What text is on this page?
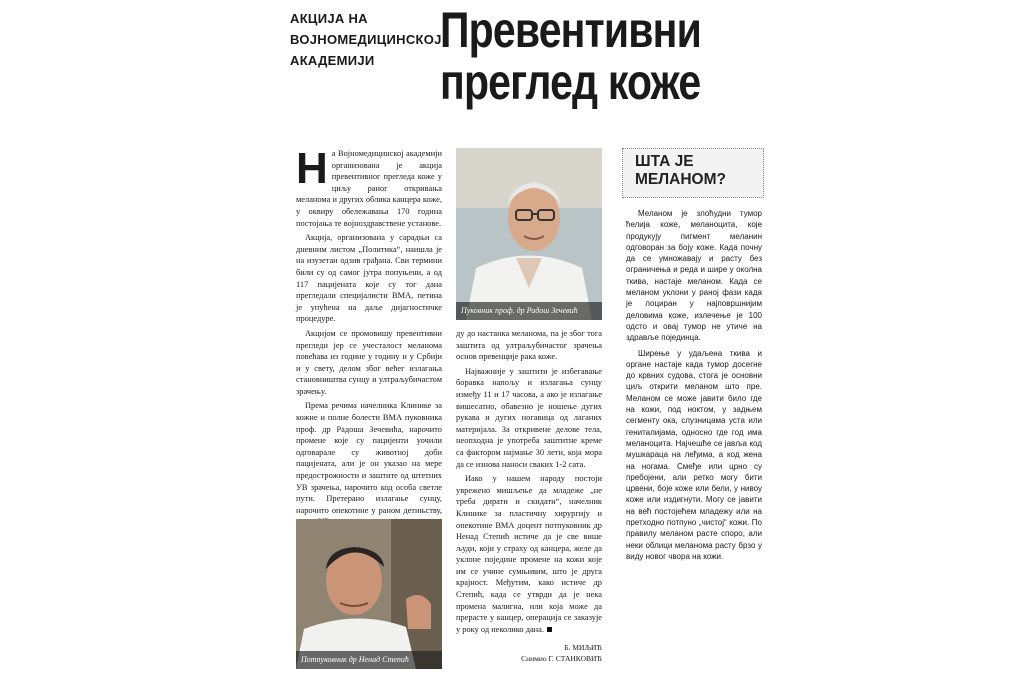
АКЦИЈА НА
ВОЈНОМЕДИЦИНСКОЈ
АКАДЕМИЈИ
Превентивни
преглед коже

На Војномедицинској академији организована је акција превентивног прегледа коже у циљу раног откривања меланома и других облика канцера коже, у оквиру обележавања 170 година постојања те војноздравствене установе.

Акција, организована у сарадњи са дневним листом „Политика“, наишла је на изузетан одзив грађана. Сви термини били су од самог јутра попуњени, а од 117 пацијената које су тог дана прегледали специјалисти ВМА, петина је упућена на даље дијагностичке процедуре.

Акцијом се промовишу превентивни прегледи јер се учесталост меланома повећава из године у годину и у Србији и у свету, делом због већег излагања становништва сунцу и ултраљубичастом зрачењу.

Према речима начелника Клинике за кожне и полне болести ВМА пуковника проф. др Радоша Зечевића, нарочито промене које су пацијенти уочили одговарале су животној доби пацијената, али је он указао на мере предострожности и заштите од штетних УВ зрачења, нарочито код особа светле пути. Претерано излагање сунцу, нарочито опекотине у раном детињству,

Пуковник проф. др Радош Зечевић

ду до настанка меланома, па је због тога заштита од ултраљубичастог зрачења основ превенције рака коже.

Најважније у заштити је избегавање боравка напољу и излагања сунцу између 11 и 17 часова, а ако је излагање вишесатно, обавезно је ношење дугих рукава и дугих ногавица од лаганих материјала. За откривене делове тела, неопходна је употреба заштитне креме са фактором најмање 30 лети, која мора да се изнова наноси сваких 1-2 сата.

Иако у нашем народу постоји уврежено мишљење да младеже „не треба дирати и скидати“, начелник Клинике за пластичну хирургију и опекотине ВМА доцент потпуковник др Ненад Степић истиче да је све више људи, који у страху од канцера, желе да уклоне поједине промене на кожи које им се учине сумњивим, што је друга крајност. Међутим, како истиче др Степић, када се утврди да је нека промена малигна, или која може да прерасте у канцер, операција се заказује у року од неколико дана.

Б. МИЉИЋ
Снимио Г. СТАНКОВИЋ
Потпуковник др Ненад Степић
ШТА ЈЕ
МЕЛАНОМ?

Меланом је злоћудни тумор ћелија коже, меланоцита, које продукују пигмент меланин одговоран за боју коже. Када почну да се умножавају и расту без ограничења и реда и шире у околна ткива, настаје меланом. Када се меланом уклони у раној фази када је лоциран у најповршнијим деловима коже, излечење је 100 одсто и овај тумор не утиче на здравље појединца.

Ширење у удаљена ткива и органе настаје када тумор досегне до крвних судова, стога је основни циљ открити меланом што пре. Меланом се може јавити било где на кожи, под ноктом, у задњем сегменту ока, слузницама уста или гениталијама, односно где год има меланоцита. Најчешће се јавља код мушкараца на леђима, а код жена на ногама. Смеђе или црно су пребојени, али ретко могу бити црвени, боје коже или бели, у нивоу коже или издигнути. Могу се јавити на већ постојећем младежу или на претходно потпуно „чистој“ кожи. По правилу меланом расте споро, али неки облици меланома расту брзо у виду новог чвора на кожи.
